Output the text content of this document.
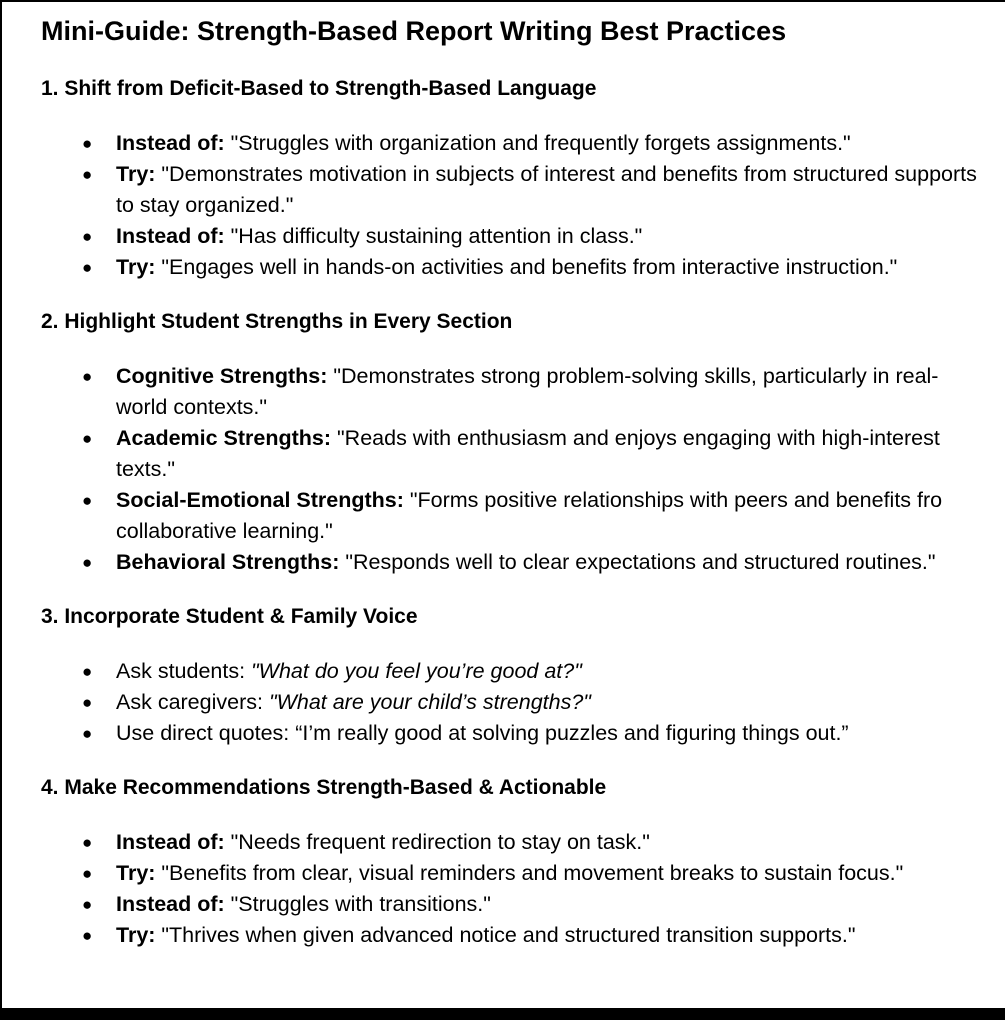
Mini-Guide: Strength-Based Report Writing Best Practices
1. Shift from Deficit-Based to Strength-Based Language
● Instead of: "Struggles with organization and frequently forgets assignments."
● Try: "Demonstrates motivation in subjects of interest and benefits from structured supports to stay organized."
● Instead of: "Has difficulty sustaining attention in class."
● Try: "Engages well in hands-on activities and benefits from interactive instruction."
2. Highlight Student Strengths in Every Section
● Cognitive Strengths: "Demonstrates strong problem-solving skills, particularly in real-world contexts."
● Academic Strengths: "Reads with enthusiasm and enjoys engaging with high-interest texts."
● Social-Emotional Strengths: "Forms positive relationships with peers and benefits fro
collaborative learning."
● Behavioral Strengths: "Responds well to clear expectations and structured routines."
3. Incorporate Student & Family Voice
● Ask students: "What do you feel you’re good at?"
● Ask caregivers: "What are your child’s strengths?"
● Use direct quotes: “I’m really good at solving puzzles and figuring things out.”
4. Make Recommendations Strength-Based & Actionable
● Instead of: "Needs frequent redirection to stay on task."
● Try: "Benefits from clear, visual reminders and movement breaks to sustain focus."
● Instead of: "Struggles with transitions."
● Try: "Thrives when given advanced notice and structured transition supports."
